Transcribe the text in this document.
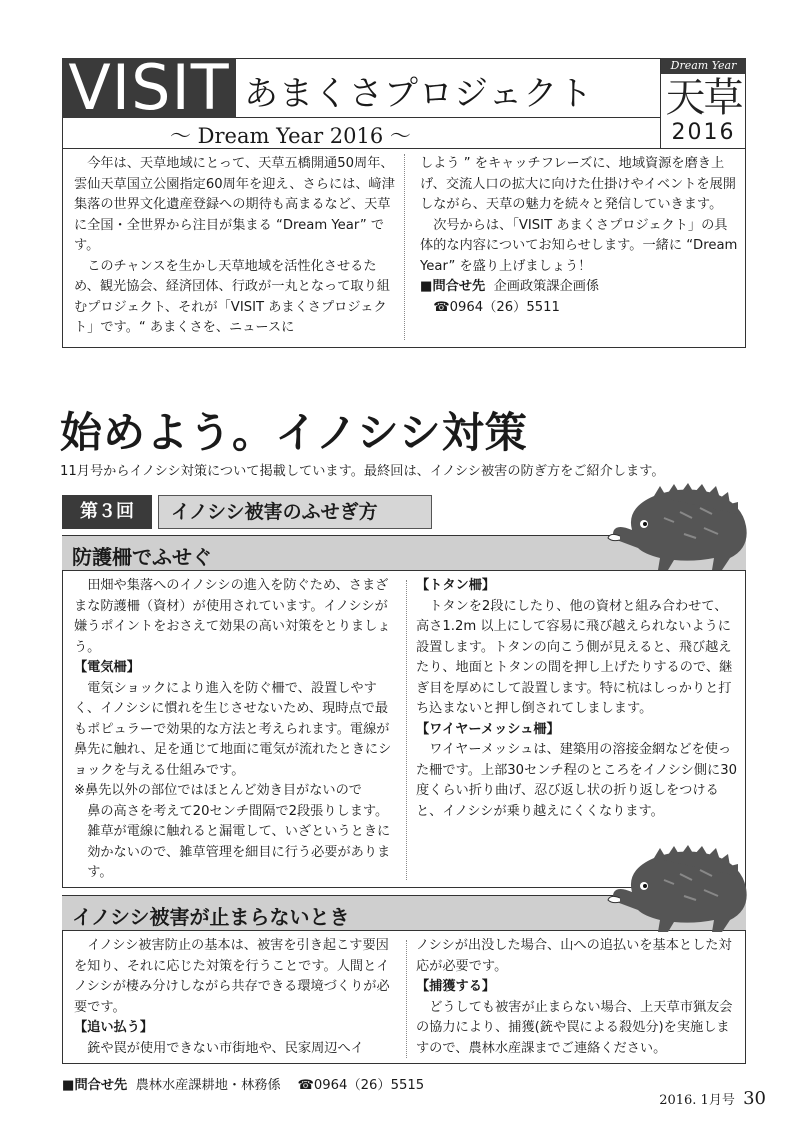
VISIT あまくさプロジェクト
～ Dream Year 2016 ～
Dream Year
天草
2016

今年は、天草地域にとって、天草五橋開通50周年、雲仙天草国立公園指定60周年を迎え、さらには、﨑津集落の世界文化遺産登録への期待も高まるなど、天草に全国・全世界から注目が集まる “Dream Year” です。

このチャンスを生かし天草地域を活性化させるため、観光協会、経済団体、行政が一丸となって取り組むプロジェクト、それが「VISIT あまくさプロジェクト」です。“ あまくさを、ニュースに

しよう ” をキャッチフレーズに、地域資源を磨き上げ、交流人口の拡大に向けた仕掛けやイベントを展開しながら、天草の魅力を続々と発信していきます。

次号からは、「VISIT あまくさプロジェクト」の具体的な内容についてお知らせします。一緒に “Dream Year” を盛り上げましょう！

■問合せ先 企画政策課企画係

☎0964（26）5511

始めよう。イノシシ対策
11月号からイノシシ対策について掲載しています。最終回は、イノシシ被害の防ぎ方をご紹介します。
第３回	イノシシ被害のふせぎ方
防護柵でふせぐ

田畑や集落へのイノシシの進入を防ぐため、さまざまな防護柵（資材）が使用されています。イノシシが嫌うポイントをおさえて効果の高い対策をとりましょう。

【電気柵】

電気ショックにより進入を防ぐ柵で、設置しやすく、イノシシに慣れを生じさせないため、現時点で最もポピュラーで効果的な方法と考えられます。電線が鼻先に触れ、足を通じて地面に電気が流れたときにショックを与える仕組みです。

※鼻先以外の部位ではほとんど効き目がないので

鼻の高さを考えて20センチ間隔で2段張りします。雑草が電線に触れると漏電して、いざというときに効かないので、雑草管理を細目に行う必要があります。

【トタン柵】

トタンを2段にしたり、他の資材と組み合わせて、高さ1.2m 以上にして容易に飛び越えられないように設置します。トタンの向こう側が見えると、飛び越えたり、地面とトタンの間を押し上げたりするので、継ぎ目を厚めにして設置します。特に杭はしっかりと打ち込まないと押し倒されてしまします。

【ワイヤーメッシュ柵】

ワイヤーメッシュは、建築用の溶接金網などを使った柵です。上部30センチ程のところをイノシシ側に30度くらい折り曲げ、忍び返し状の折り返しをつけると、イノシシが乗り越えにくくなります。

イノシシ被害が止まらないとき

イノシシ被害防止の基本は、被害を引き起こす要因を知り、それに応じた対策を行うことです。人間とイノシシが棲み分けしながら共存できる環境づくりが必要です。

【追い払う】

銃や罠が使用できない市街地や、民家周辺へイ

ノシシが出没した場合、山への追払いを基本とした対応が必要です。

【捕獲する】

どうしても被害が止まらない場合、上天草市猟友会の協力により、捕獲(銃や罠による殺処分)を実施しますので、農林水産課までご連絡ください。

■問合せ先 農林水産課耕地・林務係 ☎0964（26）5515
2016. 1月号 30
